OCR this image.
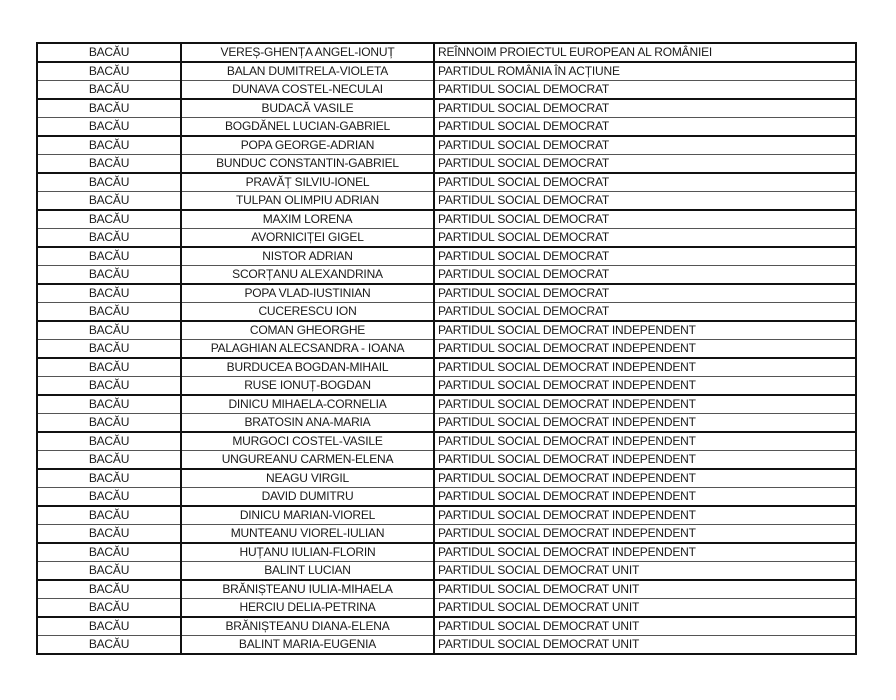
BACĂU	VEREȘ-GHENȚA ANGEL-IONUȚ	REÎNNOIM PROIECTUL EUROPEAN AL ROMÂNIEI
BACĂU	BALAN DUMITRELA-VIOLETA	PARTIDUL ROMÂNIA ÎN ACȚIUNE
BACĂU	DUNAVA COSTEL-NECULAI	PARTIDUL SOCIAL DEMOCRAT
BACĂU	BUDACĂ VASILE	PARTIDUL SOCIAL DEMOCRAT
BACĂU	BOGDĂNEL LUCIAN-GABRIEL	PARTIDUL SOCIAL DEMOCRAT
BACĂU	POPA GEORGE-ADRIAN	PARTIDUL SOCIAL DEMOCRAT
BACĂU	BUNDUC CONSTANTIN-GABRIEL	PARTIDUL SOCIAL DEMOCRAT
BACĂU	PRAVĂȚ SILVIU-IONEL	PARTIDUL SOCIAL DEMOCRAT
BACĂU	TULPAN OLIMPIU ADRIAN	PARTIDUL SOCIAL DEMOCRAT
BACĂU	MAXIM LORENA	PARTIDUL SOCIAL DEMOCRAT
BACĂU	AVORNICIȚEI GIGEL	PARTIDUL SOCIAL DEMOCRAT
BACĂU	NISTOR ADRIAN	PARTIDUL SOCIAL DEMOCRAT
BACĂU	SCORȚANU ALEXANDRINA	PARTIDUL SOCIAL DEMOCRAT
BACĂU	POPA VLAD-IUSTINIAN	PARTIDUL SOCIAL DEMOCRAT
BACĂU	CUCERESCU ION	PARTIDUL SOCIAL DEMOCRAT
BACĂU	COMAN GHEORGHE	PARTIDUL SOCIAL DEMOCRAT INDEPENDENT
BACĂU	PALAGHIAN ALECSANDRA - IOANA	PARTIDUL SOCIAL DEMOCRAT INDEPENDENT
BACĂU	BURDUCEA BOGDAN-MIHAIL	PARTIDUL SOCIAL DEMOCRAT INDEPENDENT
BACĂU	RUSE IONUȚ-BOGDAN	PARTIDUL SOCIAL DEMOCRAT INDEPENDENT
BACĂU	DINICU MIHAELA-CORNELIA	PARTIDUL SOCIAL DEMOCRAT INDEPENDENT
BACĂU	BRATOSIN ANA-MARIA	PARTIDUL SOCIAL DEMOCRAT INDEPENDENT
BACĂU	MURGOCI COSTEL-VASILE	PARTIDUL SOCIAL DEMOCRAT INDEPENDENT
BACĂU	UNGUREANU CARMEN-ELENA	PARTIDUL SOCIAL DEMOCRAT INDEPENDENT
BACĂU	NEAGU VIRGIL	PARTIDUL SOCIAL DEMOCRAT INDEPENDENT
BACĂU	DAVID DUMITRU	PARTIDUL SOCIAL DEMOCRAT INDEPENDENT
BACĂU	DINICU MARIAN-VIOREL	PARTIDUL SOCIAL DEMOCRAT INDEPENDENT
BACĂU	MUNTEANU VIOREL-IULIAN	PARTIDUL SOCIAL DEMOCRAT INDEPENDENT
BACĂU	HUȚANU IULIAN-FLORIN	PARTIDUL SOCIAL DEMOCRAT INDEPENDENT
BACĂU	BALINT LUCIAN	PARTIDUL SOCIAL DEMOCRAT UNIT
BACĂU	BRĂNIȘTEANU IULIA-MIHAELA	PARTIDUL SOCIAL DEMOCRAT UNIT
BACĂU	HERCIU DELIA-PETRINA	PARTIDUL SOCIAL DEMOCRAT UNIT
BACĂU	BRĂNIȘTEANU DIANA-ELENA	PARTIDUL SOCIAL DEMOCRAT UNIT
BACĂU	BALINT MARIA-EUGENIA	PARTIDUL SOCIAL DEMOCRAT UNIT
